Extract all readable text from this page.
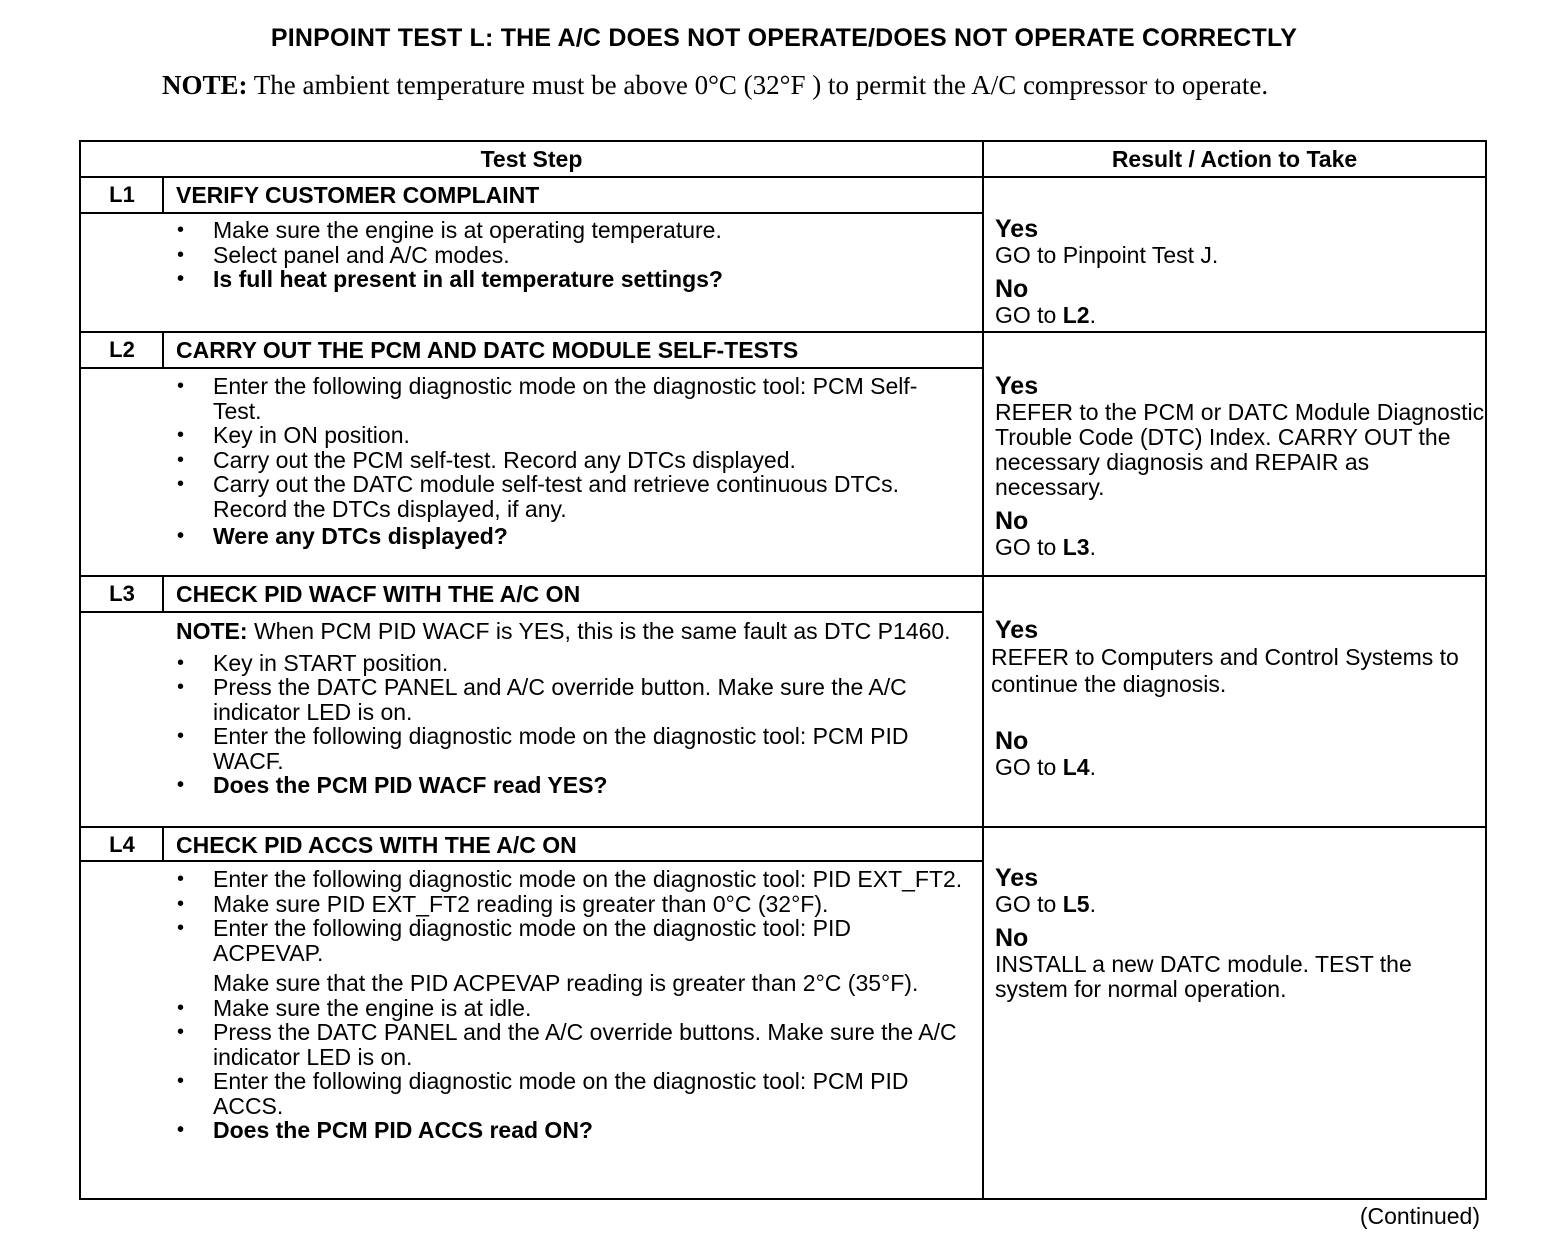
PINPOINT TEST L: THE A/C DOES NOT OPERATE/DOES NOT OPERATE CORRECTLY
NOTE: The ambient temperature must be above 0°C (32°F ) to permit the A/C compressor to operate.
Test Step	Result / Action to Take
L1	VERIFY CUSTOMER COMPLAINT
• Make sure the engine is at operating temperature.
• Select panel and A/C modes.
• Is full heat present in all temperature settings?
Yes
GO to Pinpoint Test J.
No
GO to L2.
L2	CARRY OUT THE PCM AND DATC MODULE SELF-TESTS
• Enter the following diagnostic mode on the diagnostic tool: PCM Self-Test.
• Key in ON position.
• Carry out the PCM self-test. Record any DTCs displayed.
• Carry out the DATC module self-test and retrieve continuous DTCs. Record the DTCs displayed, if any.
• Were any DTCs displayed?
Yes
REFER to the PCM or DATC Module Diagnostic Trouble Code (DTC) Index. CARRY OUT the necessary diagnosis and REPAIR as necessary.
No
GO to L3.
L3	CHECK PID WACF WITH THE A/C ON
NOTE: When PCM PID WACF is YES, this is the same fault as DTC P1460.
• Key in START position.
• Press the DATC PANEL and A/C override button. Make sure the A/C indicator LED is on.
• Enter the following diagnostic mode on the diagnostic tool: PCM PID WACF.
• Does the PCM PID WACF read YES?
Yes
REFER to Computers and Control Systems to continue the diagnosis.
No
GO to L4.
L4	CHECK PID ACCS WITH THE A/C ON
• Enter the following diagnostic mode on the diagnostic tool: PID EXT_FT2.
• Make sure PID EXT_FT2 reading is greater than 0°C (32°F).
• Enter the following diagnostic mode on the diagnostic tool: PID ACPEVAP.
Make sure that the PID ACPEVAP reading is greater than 2°C (35°F).
• Make sure the engine is at idle.
• Press the DATC PANEL and the A/C override buttons. Make sure the A/C indicator LED is on.
• Enter the following diagnostic mode on the diagnostic tool: PCM PID ACCS.
• Does the PCM PID ACCS read ON?
Yes
GO to L5.
No
INSTALL a new DATC module. TEST the system for normal operation.
(Continued)
